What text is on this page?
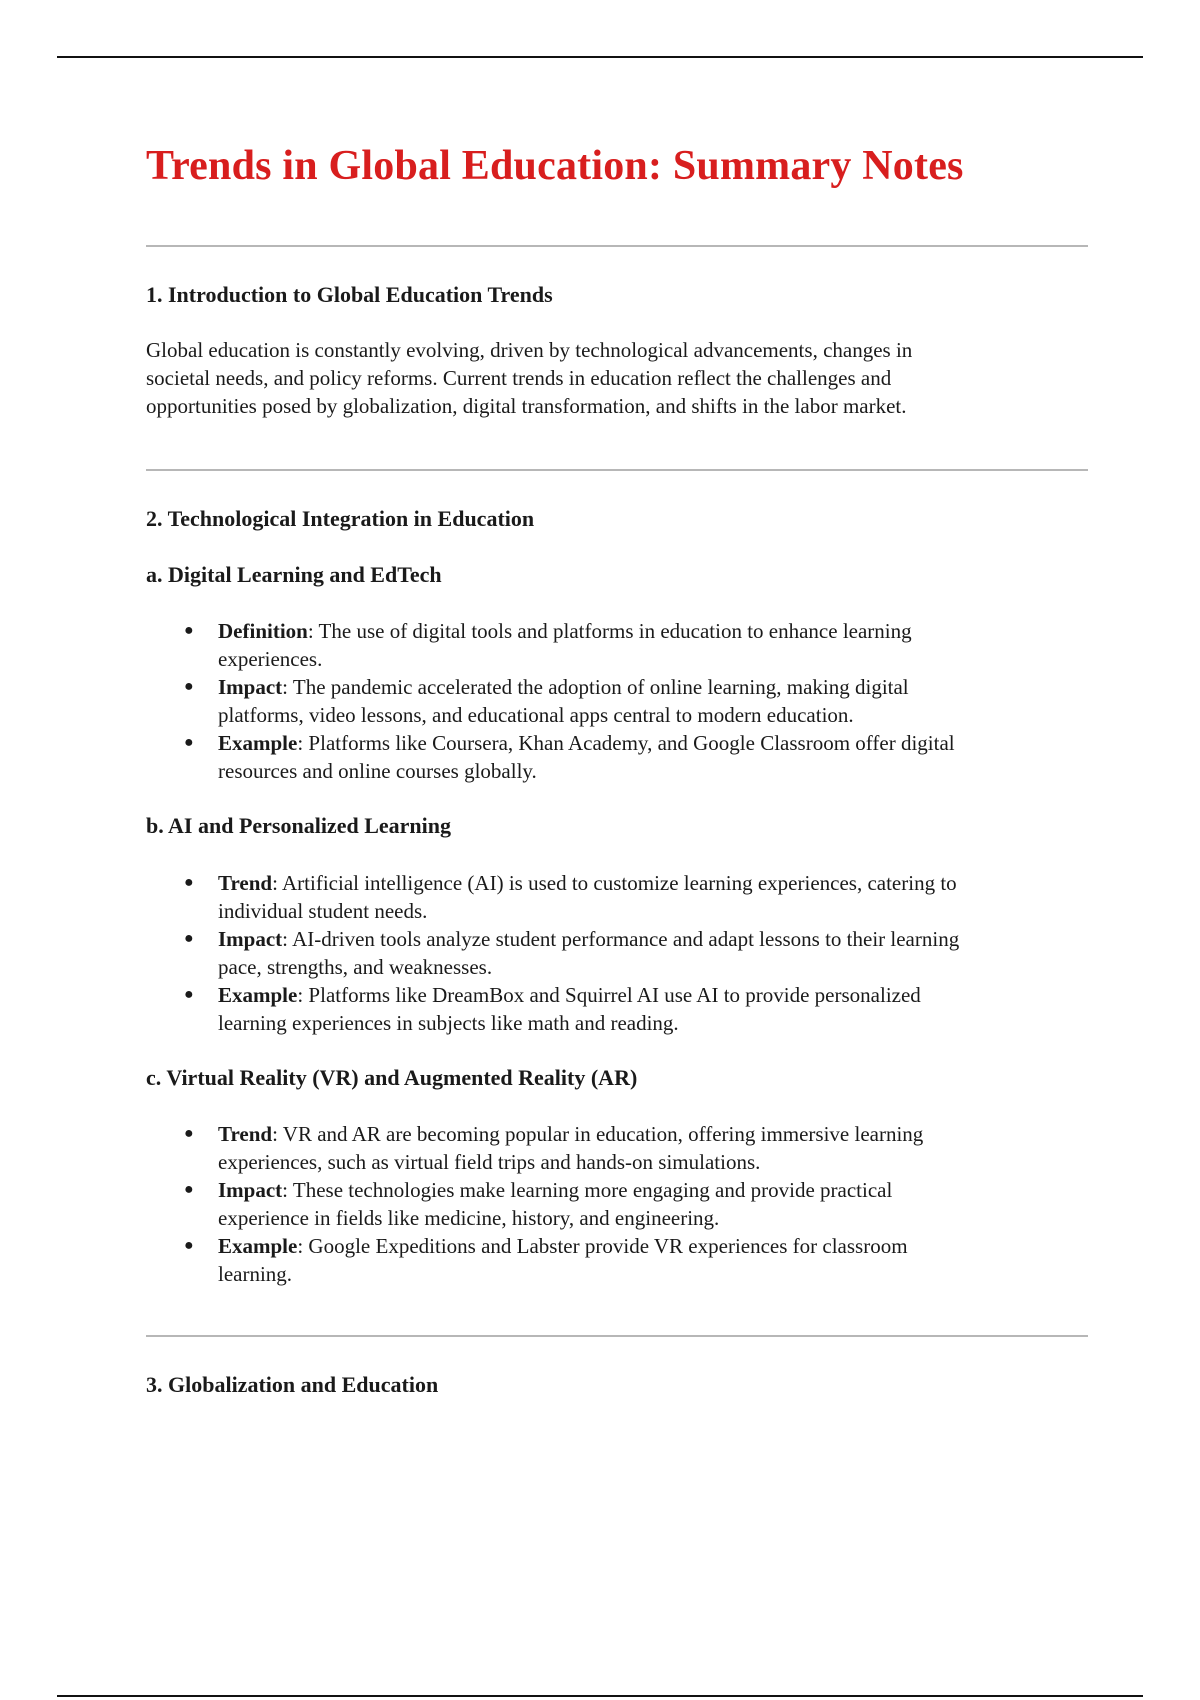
Trends in Global Education: Summary Notes
1. Introduction to Global Education Trends

Global education is constantly evolving, driven by technological advancements, changes in
societal needs, and policy reforms. Current trends in education reflect the challenges and
opportunities posed by globalization, digital transformation, and shifts in the labor market.

2. Technological Integration in Education
a. Digital Learning and EdTech
● Definition: The use of digital tools and platforms in education to enhance learning
experiences.
● Impact: The pandemic accelerated the adoption of online learning, making digital
platforms, video lessons, and educational apps central to modern education.
● Example: Platforms like Coursera, Khan Academy, and Google Classroom offer digital
resources and online courses globally.
b. AI and Personalized Learning
● Trend: Artificial intelligence (AI) is used to customize learning experiences, catering to
individual student needs.
● Impact: AI-driven tools analyze student performance and adapt lessons to their learning
pace, strengths, and weaknesses.
● Example: Platforms like DreamBox and Squirrel AI use AI to provide personalized
learning experiences in subjects like math and reading.
c. Virtual Reality (VR) and Augmented Reality (AR)
● Trend: VR and AR are becoming popular in education, offering immersive learning
experiences, such as virtual field trips and hands-on simulations.
● Impact: These technologies make learning more engaging and provide practical
experience in fields like medicine, history, and engineering.
● Example: Google Expeditions and Labster provide VR experiences for classroom
learning.
3. Globalization and Education
